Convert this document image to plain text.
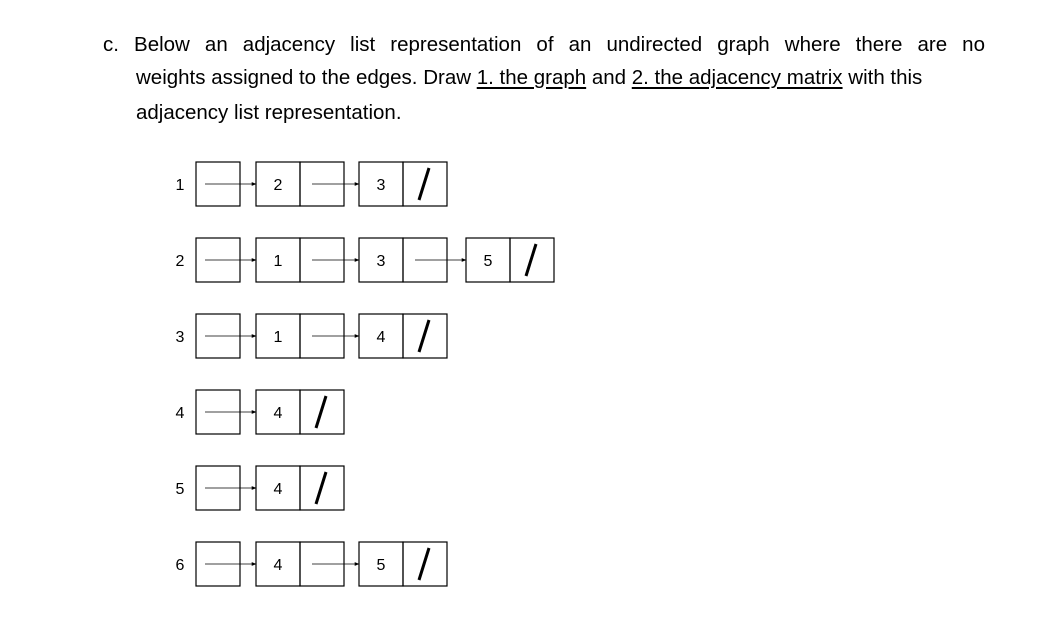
c. Below an adjacency list representation of an undirected graph where there are no
weights assigned to the edges. Draw 1. the graph and 2. the adjacency matrix with this
adjacency list representation.
1	2	3
2	1	3	5
3	1	4
4	4
5	4
6	4	5
